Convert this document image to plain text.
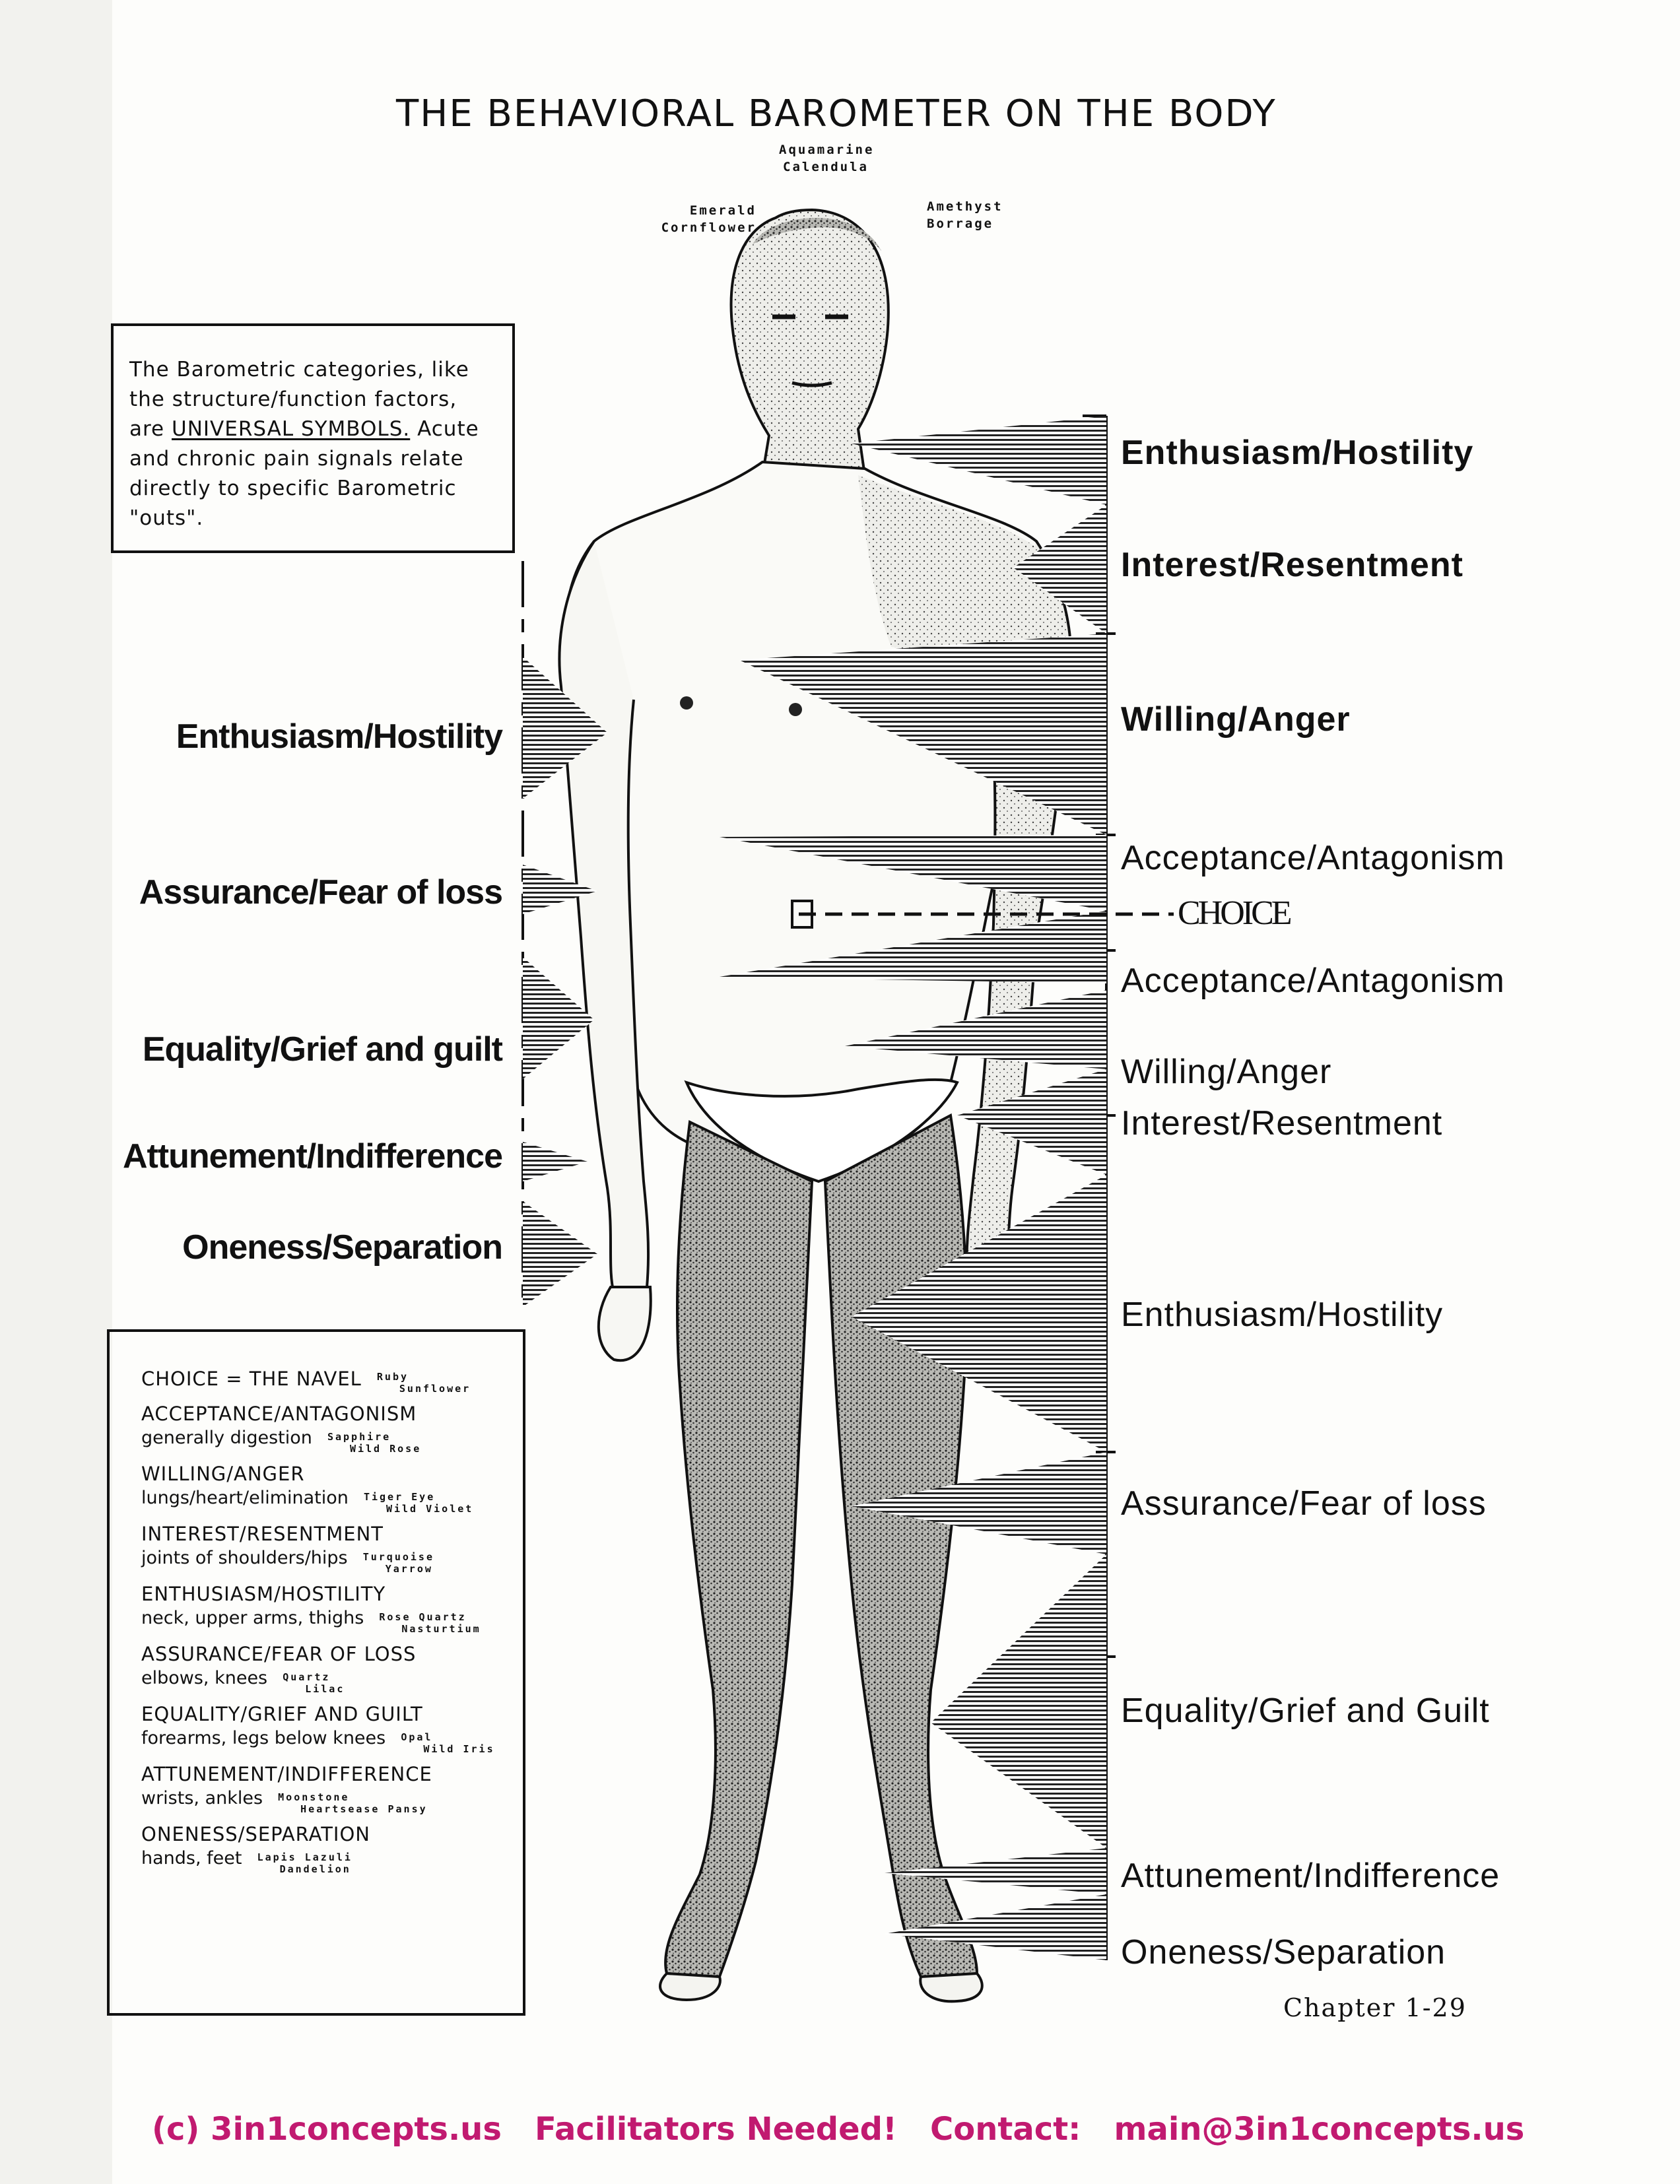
THE BEHAVIORAL BAROMETER ON THE BODY
Aquamarine
Calendula
Emerald
Cornflower
Amethyst
Borrage
The Barometric categories, like the structure/function factors, are UNIVERSAL SYMBOLS. Acute and chronic pain signals relate directly to specific Barometric "outs".
Enthusiasm/Hostility
Assurance/Fear of loss
Equality/Grief and guilt
Attunement/Indifference
Oneness/Separation
Enthusiasm/Hostility
Interest/Resentment
Willing/Anger
Acceptance/Antagonism
CHOICE
Acceptance/Antagonism
Willing/Anger
Interest/Resentment
Enthusiasm/Hostility
Assurance/Fear of loss
Equality/Grief and Guilt
Attunement/Indifference
Oneness/Separation
CHOICE = THE NAVEL Ruby
Sunflower
ACCEPTANCE/ANTAGONISM
generally digestion Sapphire
Wild Rose
WILLING/ANGER
lungs/heart/elimination Tiger Eye
Wild Violet
INTEREST/RESENTMENT
joints of shoulders/hips Turquoise
Yarrow
ENTHUSIASM/HOSTILITY
neck, upper arms, thighs Rose Quartz
Nasturtium
ASSURANCE/FEAR OF LOSS
elbows, knees Quartz
Lilac
EQUALITY/GRIEF AND GUILT
forearms, legs below knees Opal
Wild Iris
ATTUNEMENT/INDIFFERENCE
wrists, ankles Moonstone
Heartsease Pansy
ONENESS/SEPARATION
hands, feet Lapis Lazuli
Dandelion
Chapter 1-29
(c) 3in1concepts.us   Facilitators Needed!   Contact:   main@3in1concepts.us
